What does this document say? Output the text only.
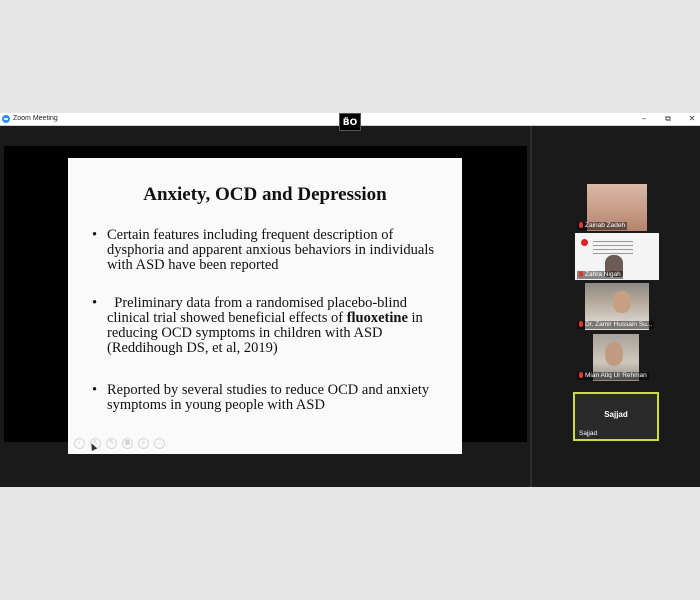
Zoom Meeting	– ⧉ ✕
B̈O
Anxiety, OCD and Depression
• Certain features including frequent description of dysphoria and apparent anxious behaviors in individuals with ASD have been reported
•	Preliminary data from a randomised placebo-blind clinical trial showed beneficial effects of fluoxetine in reducing OCD symptoms in children with ASD (Reddihough DS, et al, 2019)
• Reported by several studies to reduce OCD and anxiety symptoms in young people with ASD
‹	↖	✎	▦	⌕	…
Zainab Zadeh
Zahra Nigah
Dr. Zamir Hussain Su...
Mian Atiq Ur Rehman
Sajjad
Sajjad
